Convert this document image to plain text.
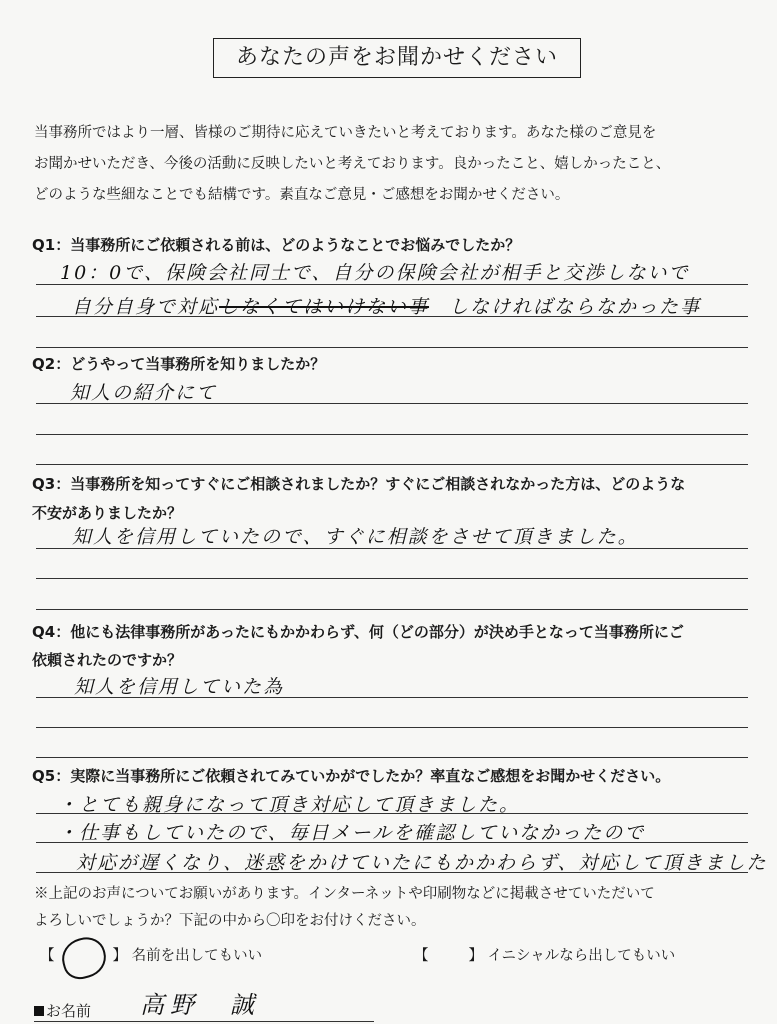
あなたの声をお聞かせください
当事務所ではより一層、皆様のご期待に応えていきたいと考えております。あなた様のご意見を
お聞かせいただき、今後の活動に反映したいと考えております。良かったこと、嬉しかったこと、
どのような些細なことでも結構です。素直なご意見・ご感想をお聞かせください。
Q1：当事務所にご依頼される前は、どのようなことでお悩みでしたか？
10：0で、保険会社同士で、自分の保険会社が相手と交渉しないで
自分自身で対応しなくてはいけない事 しなければならなかった事
Q2：どうやって当事務所を知りましたか？
知人の紹介にて
Q3：当事務所を知ってすぐにご相談されましたか？すぐにご相談されなかった方は、どのような
不安がありましたか？
知人を信用していたので、すぐに相談をさせて頂きました。
Q4：他にも法律事務所があったにもかかわらず、何（どの部分）が決め手となって当事務所にご
依頼されたのですか？
知人を信用していた為
Q5：実際に当事務所にご依頼されてみていかがでしたか？率直なご感想をお聞かせください。
・とても親身になって頂き対応して頂きました。
・仕事もしていたので、毎日メールを確認していなかったので
対応が遅くなり、迷惑をかけていたにもかかわらず、対応して頂きました
※上記のお声についてお願いがあります。インターネットや印刷物などに掲載させていただいて
よろしいでしょうか？下記の中から〇印をお付けください。
【	】 名前を出してもいい	【	】 イニシャルなら出してもいい
お名前 高野　誠
